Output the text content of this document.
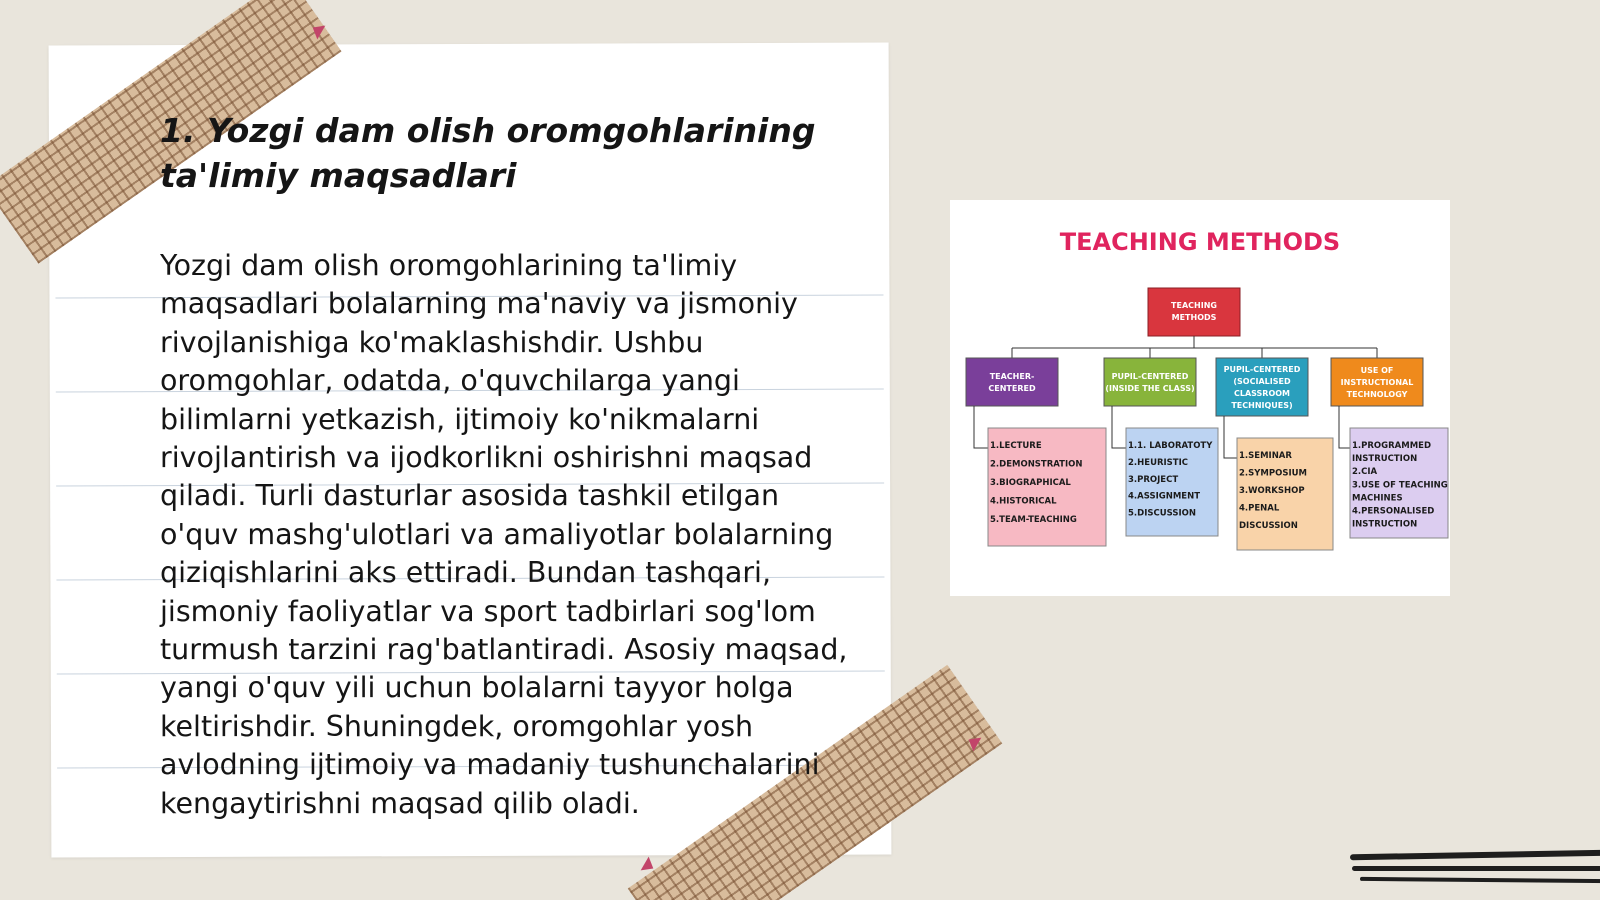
1. Yozgi dam olish oromgohlarining ta'limiy maqsadlari

Yozgi dam olish oromgohlarining ta'limiy maqsadlari bolalarning ma'naviy va jismoniy rivojlanishiga ko'maklashishdir. Ushbu oromgohlar, odatda, o'quvchilarga yangi bilimlarni yetkazish, ijtimoiy ko'nikmalarni rivojlantirish va ijodkorlikni oshirishni maqsad qiladi. Turli dasturlar asosida tashkil etilgan o'quv mashg'ulotlari va amaliyotlar bolalarning qiziqishlarini aks ettiradi. Bundan tashqari, jismoniy faoliyatlar va sport tadbirlari sog'lom turmush tarzini rag'batlantiradi. Asosiy maqsad, yangi o'quv yili uchun bolalarni tayyor holga keltirishdir. Shuningdek, oromgohlar yosh avlodning ijtimoiy va madaniy tushunchalarini kengaytirishni maqsad qilib oladi.

TEACHING METHODS
TEACHING
METHODS
TEACHER-
CENTERED
1.LECTURE
2.DEMONSTRATION
3.BIOGRAPHICAL
4.HISTORICAL
5.TEAM-TEACHING
PUPIL-CENTERED
(INSIDE THE CLASS)
1.1. LABORATOTY
2.HEURISTIC
3.PROJECT
4.ASSIGNMENT
5.DISCUSSION
PUPIL-CENTERED
(SOCIALISED
CLASSROOM
TECHNIQUES)
1.SEMINAR
2.SYMPOSIUM
3.WORKSHOP
4.PENAL
DISCUSSION
USE OF
INSTRUCTIONAL
TECHNOLOGY
1.PROGRAMMED
INSTRUCTION
2.CIA
3.USE OF TEACHING
MACHINES
4.PERSONALISED
INSTRUCTION
